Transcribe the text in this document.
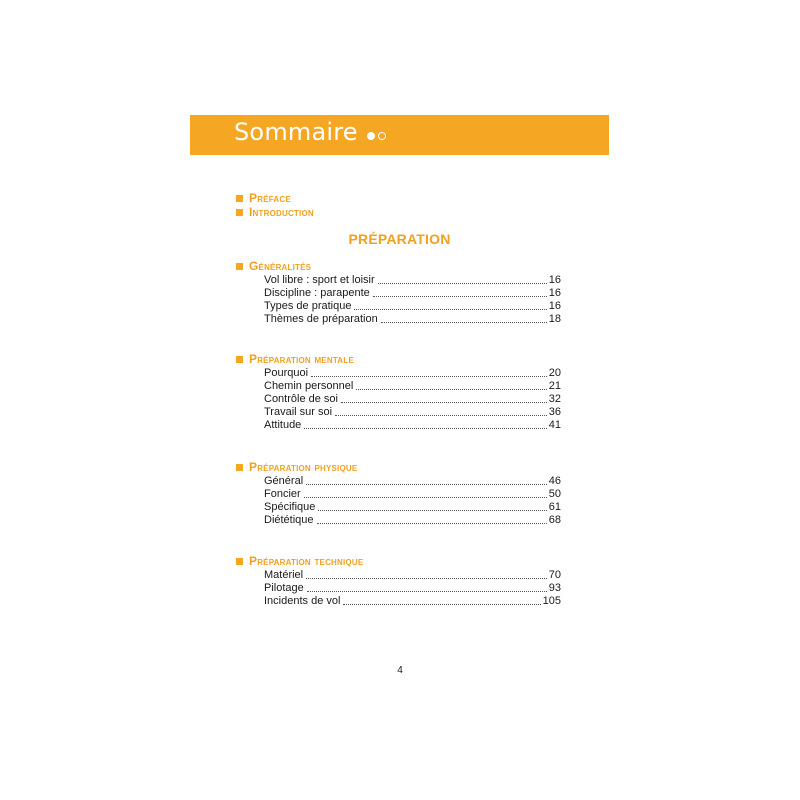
Sommaire
Préface
Introduction
PRÉPARATION
Généralités
Vol libre : sport et loisir	16
Discipline : parapente	16
Types de pratique	16
Thèmes de préparation	18
Préparation mentale
Pourquoi	20
Chemin personnel	21
Contrôle de soi	32
Travail sur soi	36
Attitude	41
Préparation physique
Général	46
Foncier	50
Spécifique	61
Diététique	68
Préparation technique
Matériel	70
Pilotage	93
Incidents de vol	105
4
